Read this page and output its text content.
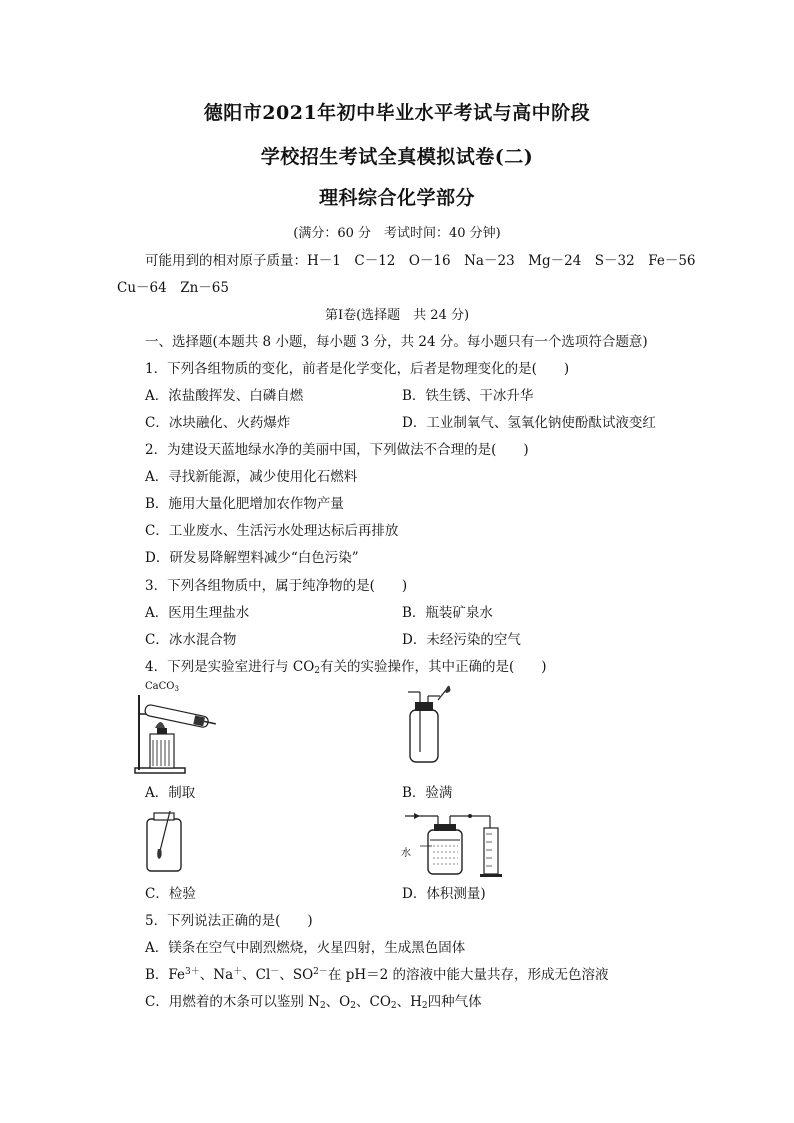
德阳市2021年初中毕业水平考试与高中阶段
学校招生考试全真模拟试卷(二)
理科综合化学部分
(满分：60 分　考试时间：40 分钟)
可能用到的相对原子质量：H－1　C－12　O－16　Na－23　Mg－24　S－32　Fe－56
Cu－64　Zn－65
第Ⅰ卷(选择题　共 24 分)
一、选择题(本题共 8 小题，每小题 3 分，共 24 分。每小题只有一个选项符合题意)
1．下列各组物质的变化，前者是化学变化，后者是物理变化的是(　　)
A．浓盐酸挥发、白磷自燃	B．铁生锈、干冰升华
C．冰块融化、火药爆炸	D．工业制氧气、氢氧化钠使酚酞试液变红
2．为建设天蓝地绿水净的美丽中国，下列做法不合理的是(　　)
A．寻找新能源，减少使用化石燃料
B．施用大量化肥增加农作物产量
C．工业废水、生活污水处理达标后再排放
D．研发易降解塑料减少“白色污染”
3．下列各组物质中，属于纯净物的是(　　)
A．医用生理盐水	B．瓶装矿泉水
C．冰水混合物	D．未经污染的空气
4．下列是实验室进行与 $CO_2$有关的实验操作，其中正确的是(　　)
CaCO$_3$
A．制取	B．验满
水
C．检验	D．体积测量)
5．下列说法正确的是(　　)
A．镁条在空气中剧烈燃烧，火星四射，生成黑色固体
B．$Fe^{3+}$、Na＋、Cl－、$SO^{2-}$在 pH＝2 的溶液中能大量共存，形成无色溶液
C．用燃着的木条可以鉴别 $N_2$、$O_2$、$CO_2$、$H_2$四种气体
